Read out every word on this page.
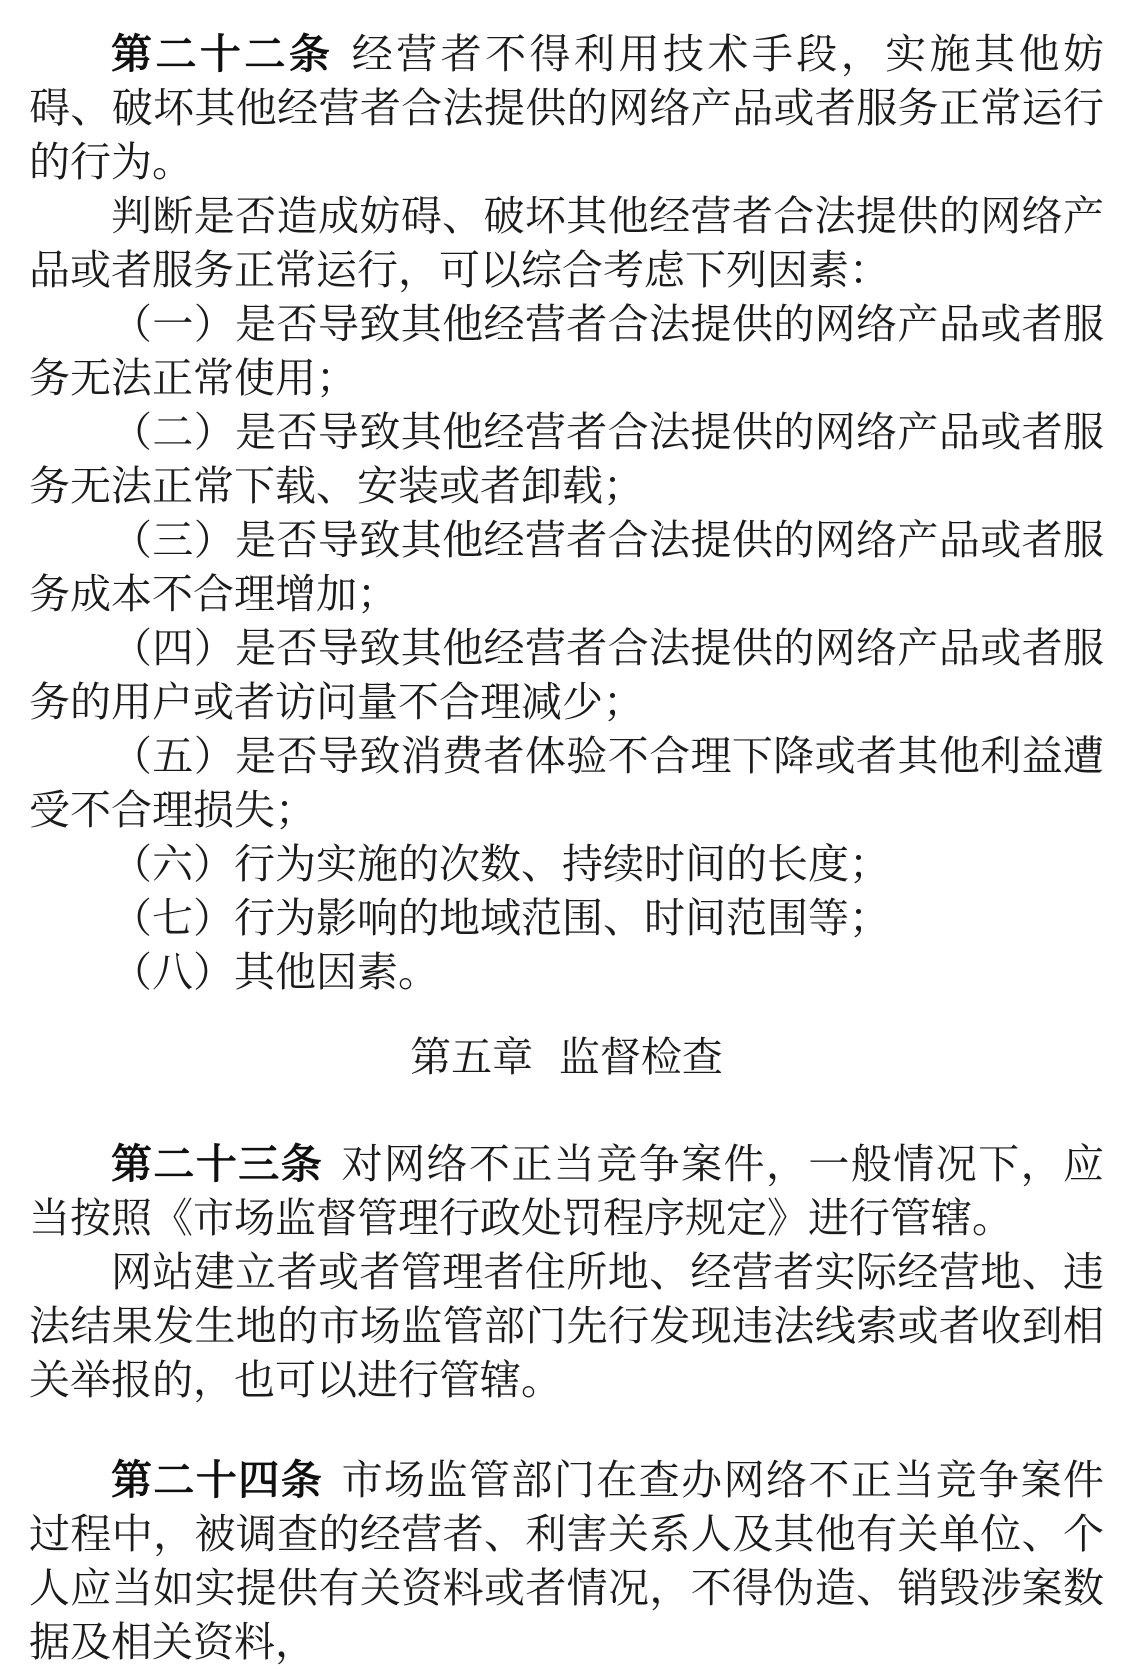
第二十二条 经营者不得利用技术手段，实施其他妨碍、破坏其他经营者合法提供的网络产品或者服务正常运行的行为。

判断是否造成妨碍、破坏其他经营者合法提供的网络产品或者服务正常运行，可以综合考虑下列因素：

（一）是否导致其他经营者合法提供的网络产品或者服务无法正常使用；

（二）是否导致其他经营者合法提供的网络产品或者服务无法正常下载、安装或者卸载；

（三）是否导致其他经营者合法提供的网络产品或者服务成本不合理增加；

（四）是否导致其他经营者合法提供的网络产品或者服务的用户或者访问量不合理减少；

（五）是否导致消费者体验不合理下降或者其他利益遭受不合理损失；

（六）行为实施的次数、持续时间的长度；

（七）行为影响的地域范围、时间范围等；

（八）其他因素。

第五章 监督检查

第二十三条 对网络不正当竞争案件，一般情况下，应当按照《市场监督管理行政处罚程序规定》进行管辖。

网站建立者或者管理者住所地、经营者实际经营地、违法结果发生地的市场监管部门先行发现违法线索或者收到相关举报的，也可以进行管辖。

第二十四条 市场监管部门在查办网络不正当竞争案件过程中，被调查的经营者、利害关系人及其他有关单位、个人应当如实提供有关资料或者情况，不得伪造、销毁涉案数据及相关资料，
